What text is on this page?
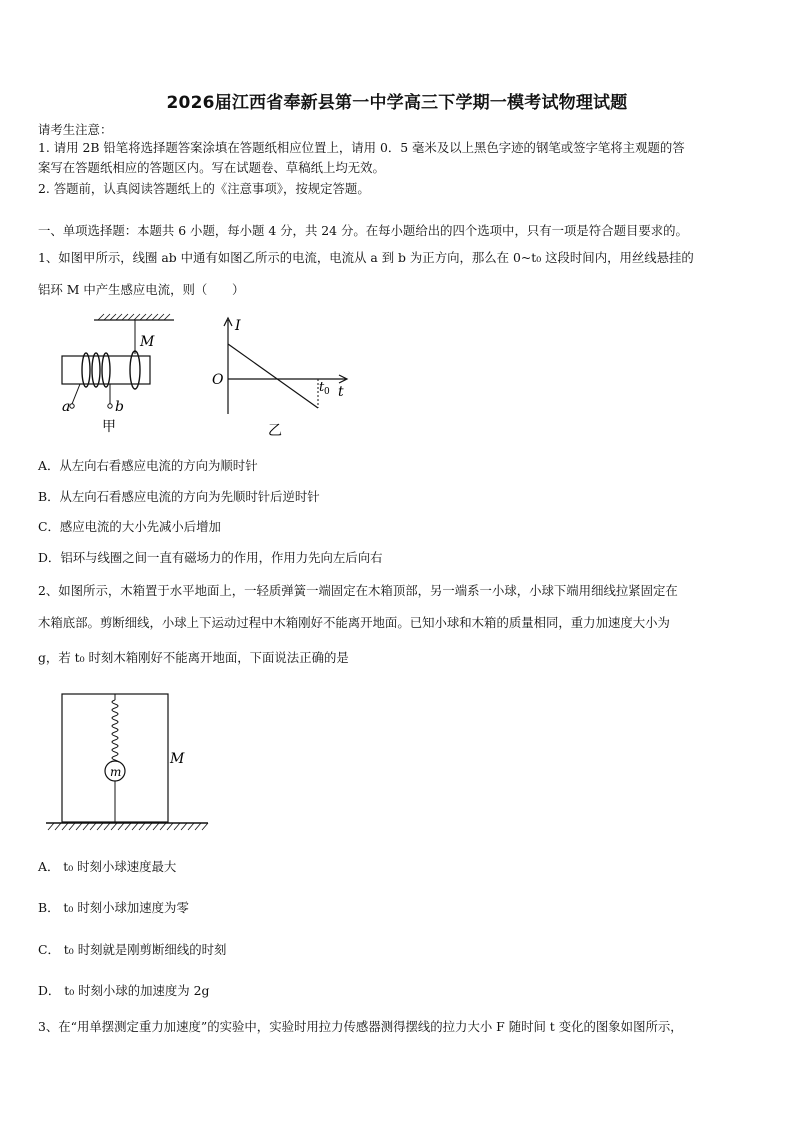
2026届江西省奉新县第一中学高三下学期一模考试物理试题
请考生注意：
1. 请用 2B 铅笔将选择题答案涂填在答题纸相应位置上，请用 0．5 毫米及以上黑色字迹的钢笔或签字笔将主观题的答
案写在答题纸相应的答题区内。写在试题卷、草稿纸上均无效。
2. 答题前，认真阅读答题纸上的《注意事项》，按规定答题。
一、单项选择题：本题共 6 小题，每小题 4 分，共 24 分。在每小题给出的四个选项中，只有一项是符合题目要求的。
1、如图甲所示，线圈 ab 中通有如图乙所示的电流，电流从 a 到 b 为正方向，那么在 0~t₀ 这段时间内，用丝线悬挂的
铝环 M 中产生感应电流，则（　　）
M
a	b
甲
I
O	t 0 t
乙
A．从左向右看感应电流的方向为顺时针
B．从左向石看感应电流的方向为先顺时针后逆时针
C．感应电流的大小先减小后增加
D．铝环与线圈之间一直有磁场力的作用，作用力先向左后向右
2、如图所示，木箱置于水平地面上，一轻质弹簧一端固定在木箱顶部，另一端系一小球，小球下端用细线拉紧固定在
木箱底部。剪断细线，小球上下运动过程中木箱刚好不能离开地面。已知小球和木箱的质量相同，重力加速度大小为
g，若 t₀ 时刻木箱刚好不能离开地面，下面说法正确的是
m
M
A． t₀ 时刻小球速度最大
B． t₀ 时刻小球加速度为零
C． t₀ 时刻就是刚剪断细线的时刻
D． t₀ 时刻小球的加速度为 2g
3、在“用单摆测定重力加速度”的实验中，实验时用拉力传感器测得摆线的拉力大小 F 随时间 t 变化的图象如图所示，
